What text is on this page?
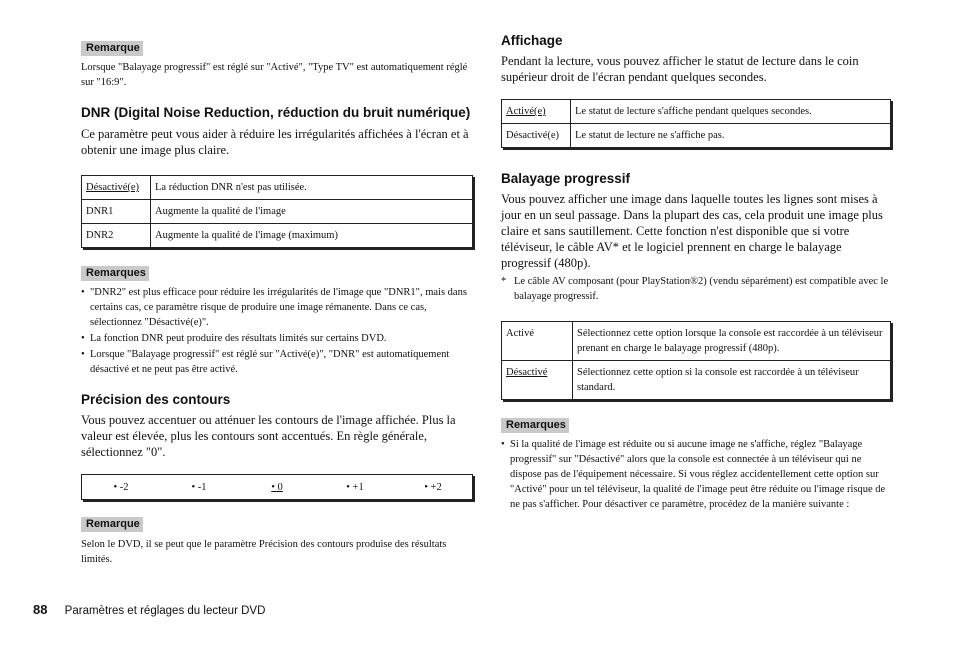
Remarque

Lorsque "Balayage progressif" est réglé sur "Activé", "Type TV" est automatiquement réglé sur "16:9".

DNR (Digital Noise Reduction, réduction du bruit numérique)

Ce paramètre peut vous aider à réduire les irrégularités affichées à l'écran et à obtenir une image plus claire.

Désactivé(e)	La réduction DNR n'est pas utilisée.
DNR1	Augmente la qualité de l'image
DNR2	Augmente la qualité de l'image (maximum)
Remarques
• "DNR2" est plus efficace pour réduire les irrégularités de l'image que "DNR1", mais dans certains cas, ce paramètre risque de produire une image rémanente. Dans ce cas, sélectionnez "Désactivé(e)".
• La fonction DNR peut produire des résultats limités sur certains DVD.
• Lorsque "Balayage progressif" est réglé sur "Activé(e)", "DNR" est automatiquement désactivé et ne peut pas être activé.
Précision des contours

Vous pouvez accentuer ou atténuer les contours de l'image affichée. Plus la valeur est élevée, plus les contours sont accentués. En règle générale, sélectionnez "0".

• -2	• -1	• 0	• +1	• +2
Remarque

Selon le DVD, il se peut que le paramètre Précision des contours produise des résultats limités.

Affichage

Pendant la lecture, vous pouvez afficher le statut de lecture dans le coin supérieur droit de l'écran pendant quelques secondes.

Activé(e)	Le statut de lecture s'affiche pendant quelques secondes.
Désactivé(e)	Le statut de lecture ne s'affiche pas.
Balayage progressif

Vous pouvez afficher une image dans laquelle toutes les lignes sont mises à jour en un seul passage. Dans la plupart des cas, cela produit une image plus claire et sans sautillement. Cette fonction n'est disponible que si votre téléviseur, le câble AV* et le logiciel prennent en charge le balayage progressif (480p).

* Le câble AV composant (pour PlayStation®2) (vendu séparément) est compatible avec le balayage progressif.
Activé	Sélectionnez cette option lorsque la console est raccordée à un téléviseur prenant en charge le balayage progressif (480p).
Désactivé	Sélectionnez cette option si la console est raccordée à un téléviseur standard.
Remarques
• Si la qualité de l'image est réduite ou si aucune image ne s'affiche, réglez "Balayage progressif" sur "Désactivé" alors que la console est connectée à un téléviseur qui ne dispose pas de l'équipement nécessaire. Si vous réglez accidentellement cette option sur "Activé" pour un tel téléviseur, la qualité de l'image peut être réduite ou l'image risque de ne pas s'afficher. Pour désactiver ce paramètre, procédez de la manière suivante :
88 Paramètres et réglages du lecteur DVD
